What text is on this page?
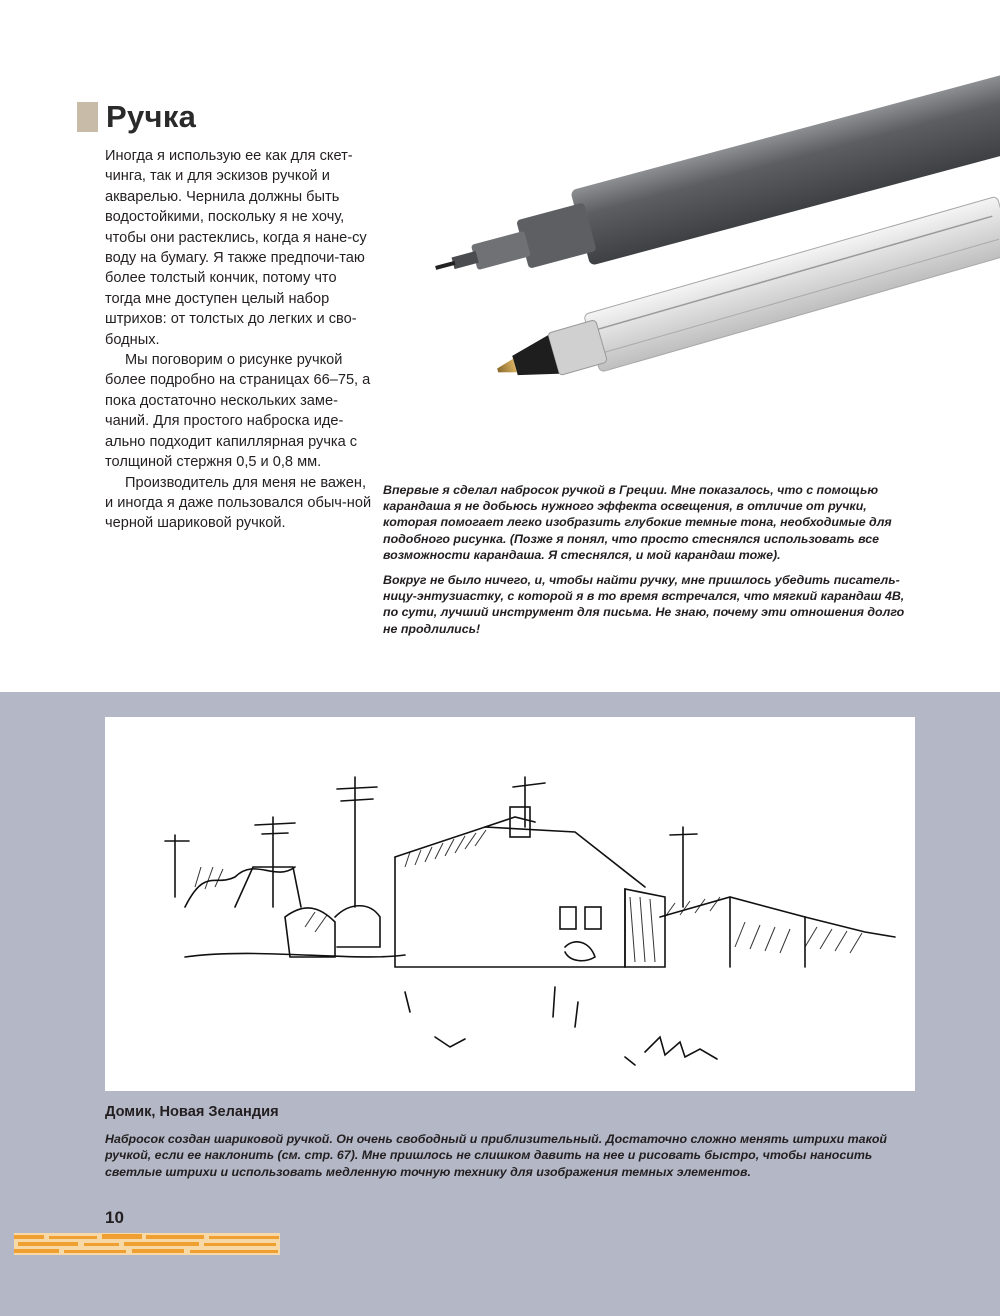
Ручка

Иногда я использую ее как для скет-чинга, так и для эскизов ручкой и акварелью. Чернила должны быть водостойкими, поскольку я не хочу, чтобы они растеклись, когда я нане-су воду на бумагу. Я также предпочи-таю более толстый кончик, потому что тогда мне доступен целый набор штрихов: от толстых до легких и сво-бодных.

Мы поговорим о рисунке ручкой более подробно на страницах 66–75, а пока достаточно нескольких заме-чаний. Для простого наброска иде-ально подходит капиллярная ручка с толщиной стержня 0,5 и 0,8 мм.

Производитель для меня не важен, и иногда я даже пользовался обыч-ной черной шариковой ручкой.

Впервые я сделал набросок ручкой в Греции. Мне показалось, что с помощью карандаша я не добьюсь нужного эффекта освещения, в отличие от ручки, которая помогает легко изобразить глубокие темные тона, необходимые для подобного рисунка. (Позже я понял, что просто стеснялся использовать все возможности карандаша. Я стеснялся, и мой карандаш тоже).

Вокруг не было ничего, и, чтобы найти ручку, мне пришлось убедить писатель-ницу-энтузиастку, с которой я в то время встречался, что мягкий карандаш 4B, по сути, лучший инструмент для письма. Не знаю, почему эти отношения долго не продлились!

Домик, Новая Зеландия
Набросок создан шариковой ручкой. Он очень свободный и приблизительный. Достаточно сложно менять штрихи такой ручкой, если ее наклонить (см. стр. 67). Мне пришлось не слишком давить на нее и рисовать быстро, чтобы наносить светлые штрихи и использовать медленную точную технику для изображения темных элементов.
10
